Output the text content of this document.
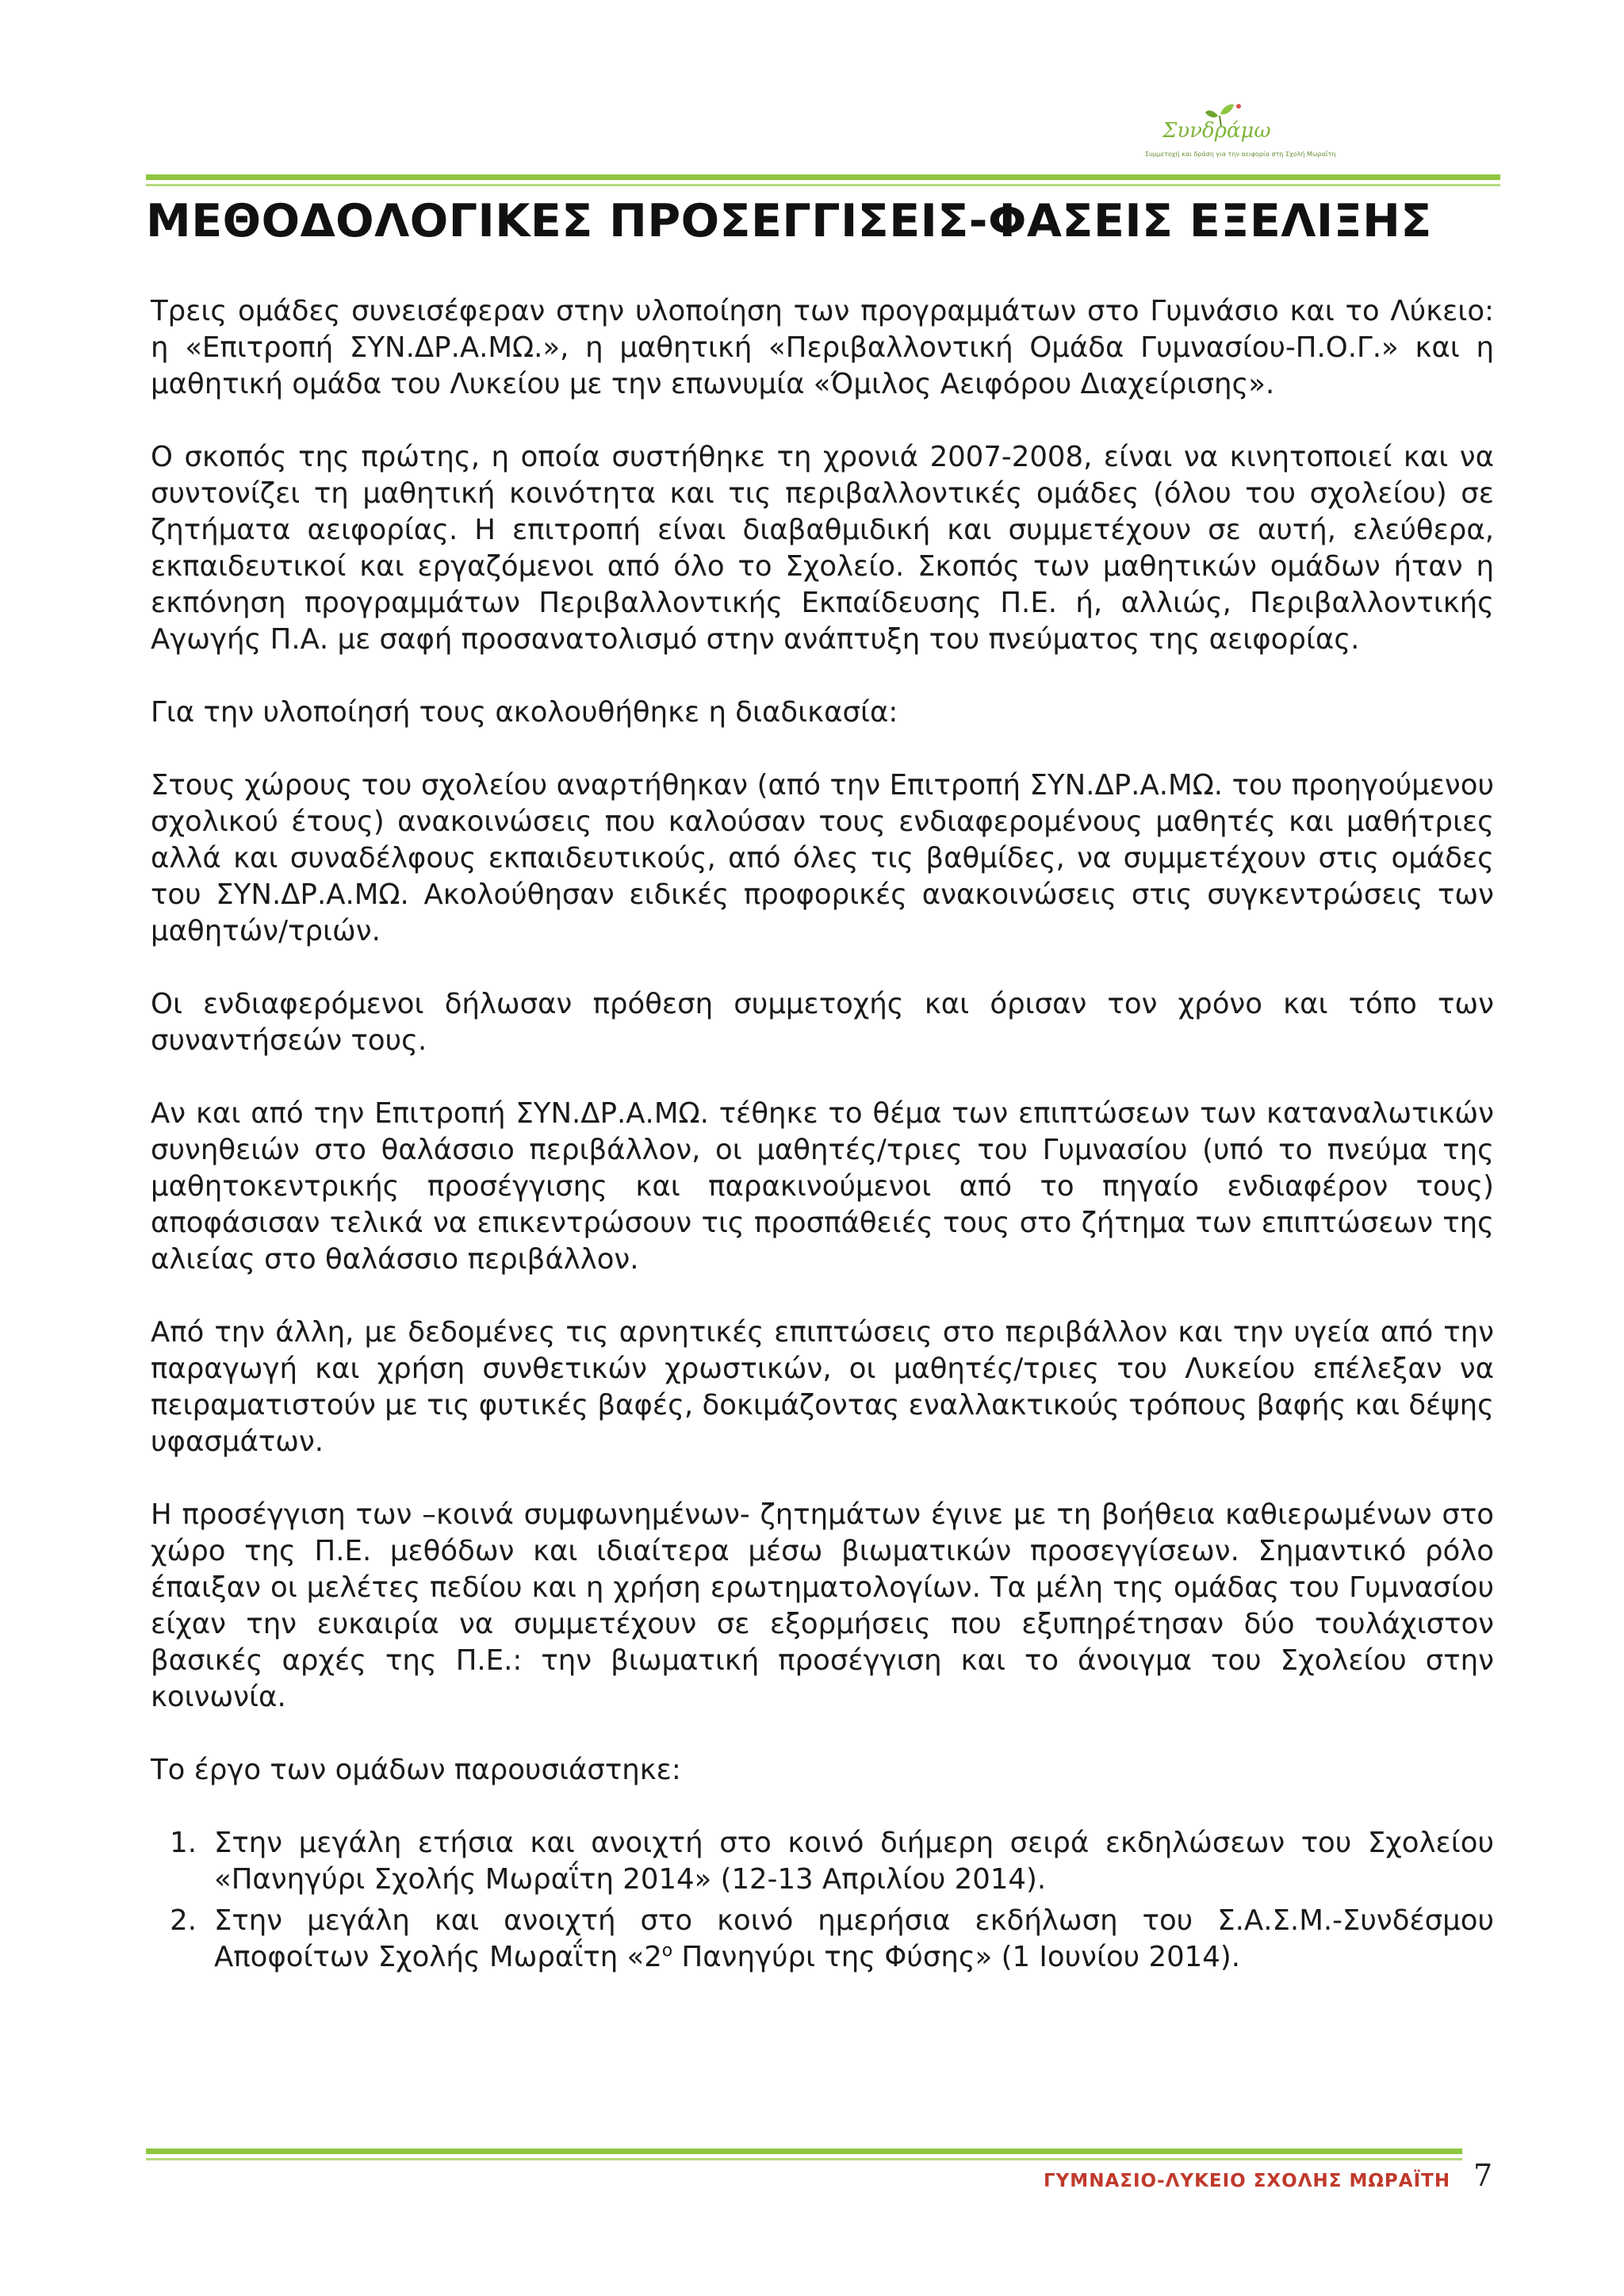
Συνδράμω
Συμμετοχή και δράση για την αειφορία στη Σχολή Μωραΐτη
ΜΕΘΟΔΟΛΟΓΙΚΕΣ ΠΡΟΣΕΓΓΙΣΕΙΣ-ΦΑΣΕΙΣ ΕΞΕΛΙΞΗΣ

Τρεις ομάδες συνεισέφεραν στην υλοποίηση των προγραμμάτων στο Γυμνάσιο και το Λύκειο: η «Επιτροπή ΣΥΝ.ΔΡ.Α.ΜΩ.», η μαθητική «Περιβαλλοντική Ομάδα Γυμνασίου-Π.Ο.Γ.» και η μαθητική ομάδα του Λυκείου με την επωνυμία «Όμιλος Αειφόρου Διαχείρισης».

Ο σκοπός της πρώτης, η οποία συστήθηκε τη χρονιά 2007-2008, είναι να κινητοποιεί και να συντονίζει τη μαθητική κοινότητα και τις περιβαλλοντικές ομάδες (όλου του σχολείου) σε ζητήματα αειφορίας. Η επιτροπή είναι διαβαθμιδική και συμμετέχουν σε αυτή, ελεύθερα, εκπαιδευτικοί και εργαζόμενοι από όλο το Σχολείο. Σκοπός των μαθητικών ομάδων ήταν η εκπόνηση προγραμμάτων Περιβαλλοντικής Εκπαίδευσης Π.Ε. ή, αλλιώς, Περιβαλλοντικής Αγωγής Π.Α. με σαφή προσανατολισμό στην ανάπτυξη του πνεύματος της αειφορίας.

Για την υλοποίησή τους ακολουθήθηκε η διαδικασία:

Στους χώρους του σχολείου αναρτήθηκαν (από την Επιτροπή ΣΥΝ.ΔΡ.Α.ΜΩ. του προηγούμενου σχολικού έτους) ανακοινώσεις που καλούσαν τους ενδιαφερομένους μαθητές και μαθήτριες αλλά και συναδέλφους εκπαιδευτικούς, από όλες τις βαθμίδες, να συμμετέχουν στις ομάδες του ΣΥΝ.ΔΡ.Α.ΜΩ. Ακολούθησαν ειδικές προφορικές ανακοινώσεις στις συγκεντρώσεις των μαθητών/τριών.

Οι ενδιαφερόμενοι δήλωσαν πρόθεση συμμετοχής και όρισαν τον χρόνο και τόπο των συναντήσεών τους.

Αν και από την Επιτροπή ΣΥΝ.ΔΡ.Α.ΜΩ. τέθηκε το θέμα των επιπτώσεων των καταναλωτικών συνηθειών στο θαλάσσιο περιβάλλον, οι μαθητές/τριες του Γυμνασίου (υπό το πνεύμα της μαθητοκεντρικής προσέγγισης και παρακινούμενοι από το πηγαίο ενδιαφέρον τους) αποφάσισαν τελικά να επικεντρώσουν τις προσπάθειές τους στο ζήτημα των επιπτώσεων της αλιείας στο θαλάσσιο περιβάλλον.

Από την άλλη, με δεδομένες τις αρνητικές επιπτώσεις στο περιβάλλον και την υγεία από την παραγωγή και χρήση συνθετικών χρωστικών, οι μαθητές/τριες του Λυκείου επέλεξαν να πειραματιστούν με τις φυτικές βαφές, δοκιμάζοντας εναλλακτικούς τρόπους βαφής και δέψης υφασμάτων.

Η προσέγγιση των –κοινά συμφωνημένων- ζητημάτων έγινε με τη βοήθεια καθιερωμένων στο χώρο της Π.Ε. μεθόδων και ιδιαίτερα μέσω βιωματικών προσεγγίσεων. Σημαντικό ρόλο έπαιξαν οι μελέτες πεδίου και η χρήση ερωτηματολογίων. Τα μέλη της ομάδας του Γυμνασίου είχαν την ευκαιρία να συμμετέχουν σε εξορμήσεις που εξυπηρέτησαν δύο τουλάχιστον βασικές αρχές της Π.Ε.: την βιωματική προσέγγιση και το άνοιγμα του Σχολείου στην κοινωνία.

Το έργο των ομάδων παρουσιάστηκε:

1. Στην μεγάλη ετήσια και ανοιχτή στο κοινό διήμερη σειρά εκδηλώσεων του Σχολείου «Πανηγύρι Σχολής Μωραΐτη 2014» (12-13 Απριλίου 2014).
2. Στην μεγάλη και ανοιχτή στο κοινό ημερήσια εκδήλωση του Σ.Α.Σ.Μ.-Συνδέσμου Αποφοίτων Σχολής Μωραΐτη «$2^o$ Πανηγύρι της Φύσης» (1 Ιουνίου 2014).
ΓΥΜΝΑΣΙΟ-ΛΥΚΕΙΟ ΣΧΟΛΗΣ ΜΩΡΑΪΤΗ 7
